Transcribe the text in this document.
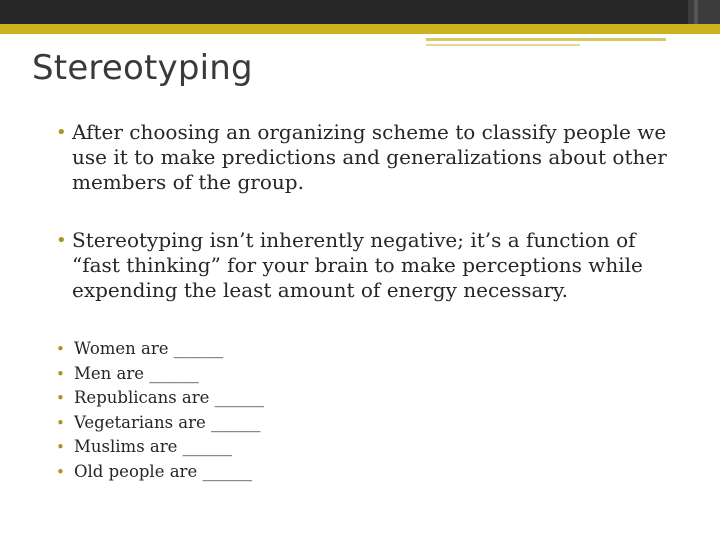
Stereotyping
• After choosing an organizing scheme to classify people we use it to make predictions and generalizations about other members of the group.
• Stereotyping isn’t inherently negative; it’s a function of “fast thinking” for your brain to make perceptions while expending the least amount of energy necessary.
• Women are ______
• Men are ______
• Republicans are ______
• Vegetarians are ______
• Muslims are ______
• Old people are ______
